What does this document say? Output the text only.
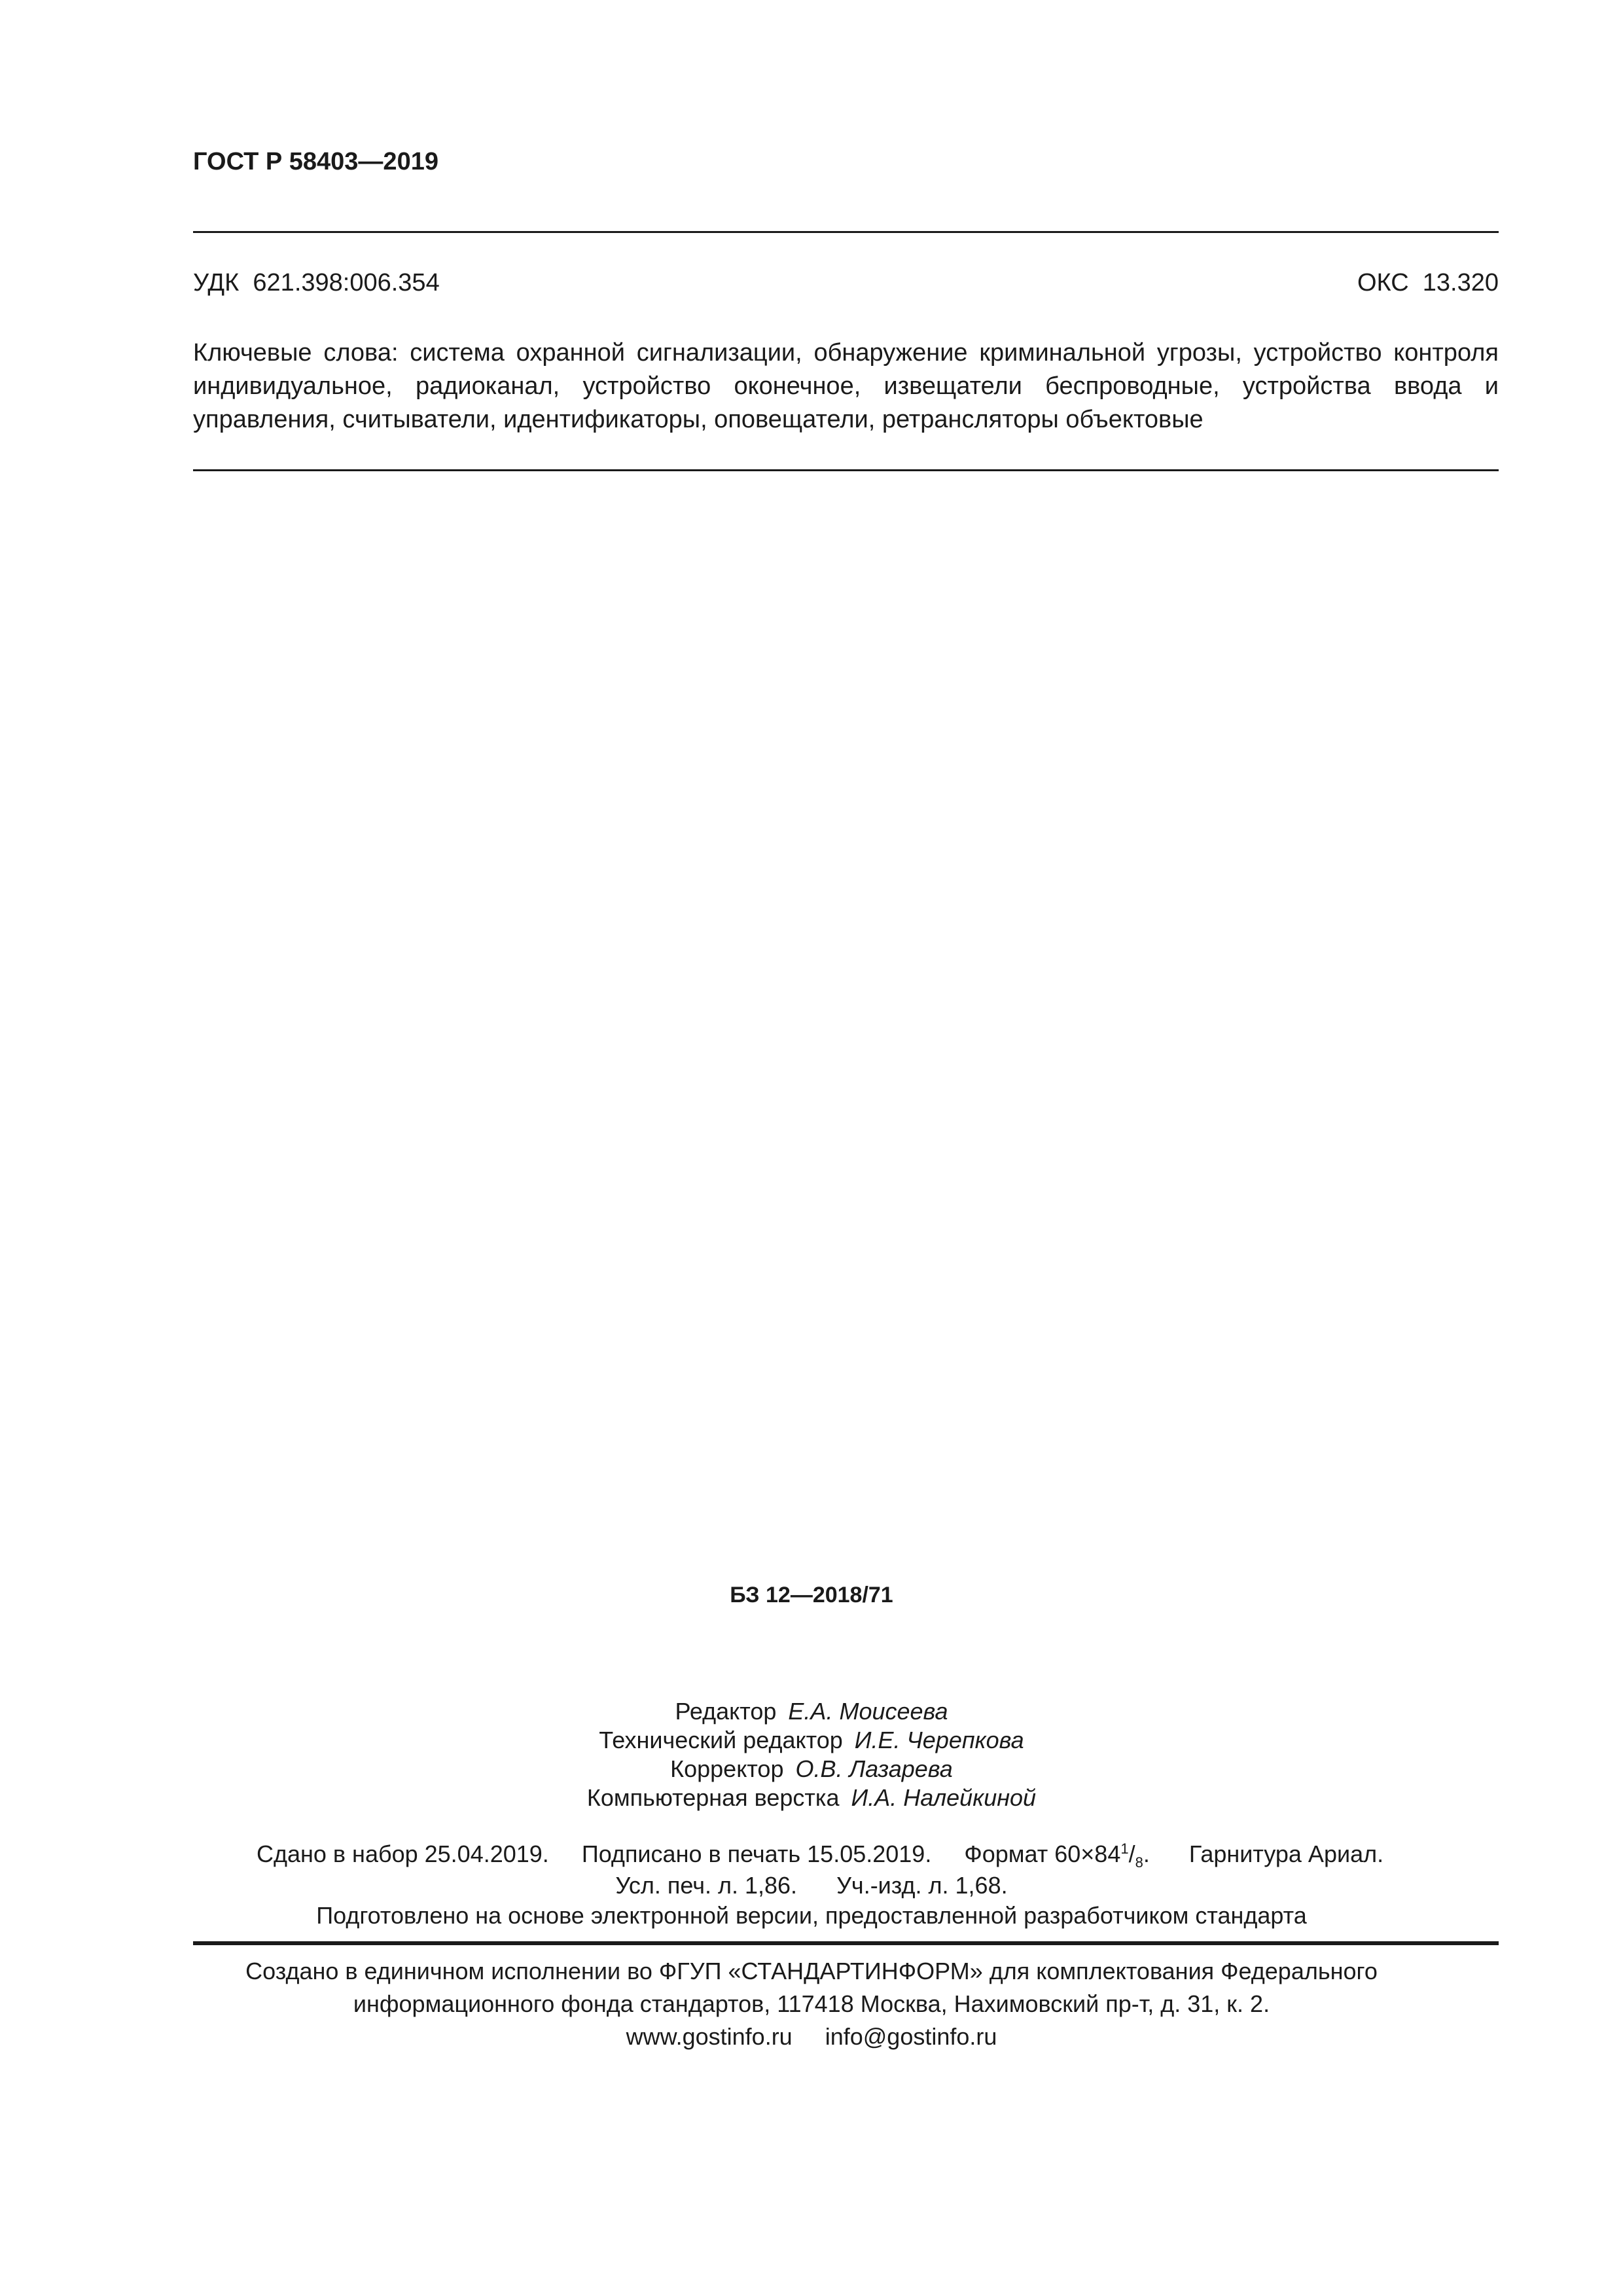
ГОСТ Р 58403—2019
УДК  621.398:006.354	ОКС  13.320
Ключевые слова: система охранной сигнализации, обнаружение криминальной угрозы, устройство контроля индивидуальное, радиоканал, устройство оконечное, извещатели беспроводные, устройства ввода и управления, считыватели, идентификаторы, оповещатели, ретрансляторы объектовые
БЗ 12—2018/71
Редактор Е.А. Моисеева
Технический редактор И.Е. Черепкова
Корректор О.В. Лазарева
Компьютерная верстка И.А. Налейкиной
Сдано в набор 25.04.2019. Подписано в печать 15.05.2019. Формат $60\times 84^1/_8$. Гарнитура Ариал.
Усл. печ. л. 1,86. Уч.-изд. л. 1,68.
Подготовлено на основе электронной версии, предоставленной разработчиком стандарта
Создано в единичном исполнении во ФГУП «СТАНДАРТИНФОРМ» для комплектования Федерального
информационного фонда стандартов, 117418 Москва, Нахимовский пр-т, д. 31, к. 2.
www.gostinfo.ru info@gostinfo.ru
